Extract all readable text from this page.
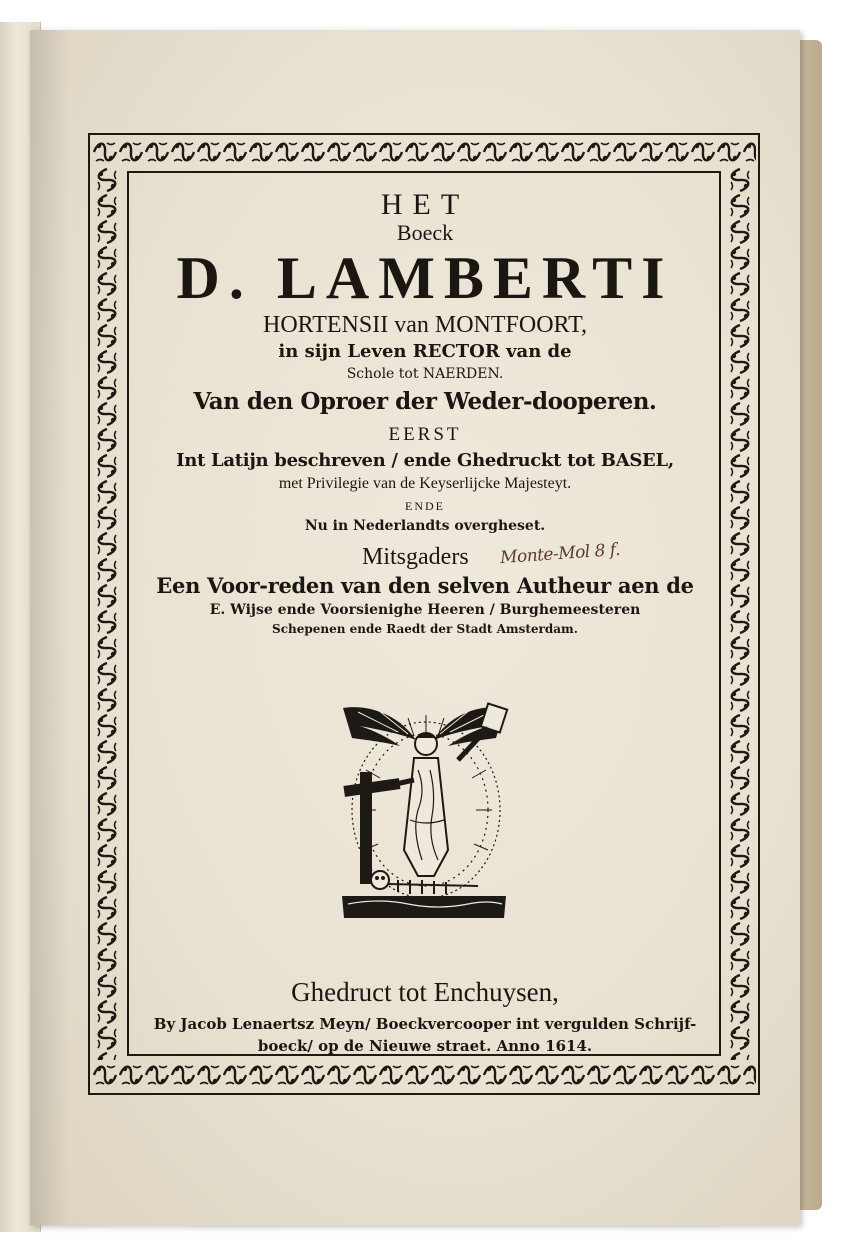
HET
Boeck
D. LAMBERTI
HORTENSII van MONTFOORT,
in sijn Leven RECTOR van de
Schole tot NAERDEN.
Van den Oproer der Weder-dooperen.
EERST
Int Latijn beschreven / ende Ghedruckt tot BASEL,
met Privilegie van de Keyserlijcke Majesteyt.
ENDE
Nu in Nederlandts overgheset.
Mitsgaders Monte-Mol 8 f.
Een Voor-reden van den selven Autheur aen de
E. Wijse ende Voorsienighe Heeren / Burghemeesteren
Schepenen ende Raedt der Stadt Amsterdam.
Ghedruct tot Enchuysen,
By Jacob Lenaertsz Meyn/ Boeckvercooper int vergulden Schrijf-
boeck/ op de Nieuwe straet. Anno 1614.
